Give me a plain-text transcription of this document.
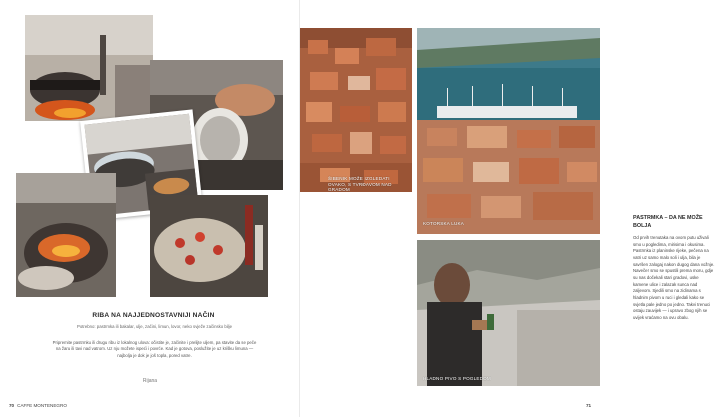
RIBA NA NAJJEDNOSTAVNIJI NAČIN
Potrebno: pastrmka ili bakalar, ulje, začini, limun, lovor, neko svježe začinsko bilje
Pripremite pastrmku ili drugu ribu iz lokalnog ulova: očistite je, začinite i prelijte uljem, pa stavite da se peče na žaru ili tavi nad vatrom. Uz nju možete ispeći i povrće. Kad je gotova, poslužite je uz krišku limuna — najbolja je dok je još topla, pored vatre.
Rijana
70 CAFFE MONTENEGRO
ŠIBENIK MOŽE IZGLEDATI OVAKO, S TVRĐAVOM NAD GRADOM
KOTORSKA LUKA
HLADNO PIVO S POGLEDOM
PASTRMKA – DA NE MOŽE BOLJA
Od prvih trenutaka na ovom putu uživali smo u pogledima, mirisima i okusima. Pastrmka iz planinske rijeke, pečena na vatri uz samo malo soli i ulja, bila je savršen zalogaj nakon dugog dana vožnje. Navečer smo se spustili prema moru, gdje su nas dočekali stari gradovi, uske kamene ulice i zalazak sunca nad zaljevom. Sjedili smo na zidinama s hladnim pivom u ruci i gledali kako se svjetla pale jedno po jedno. Takvi trenuci ostaju zauvijek — i upravo zbog njih se uvijek vraćamo na ovu obalu.
71
